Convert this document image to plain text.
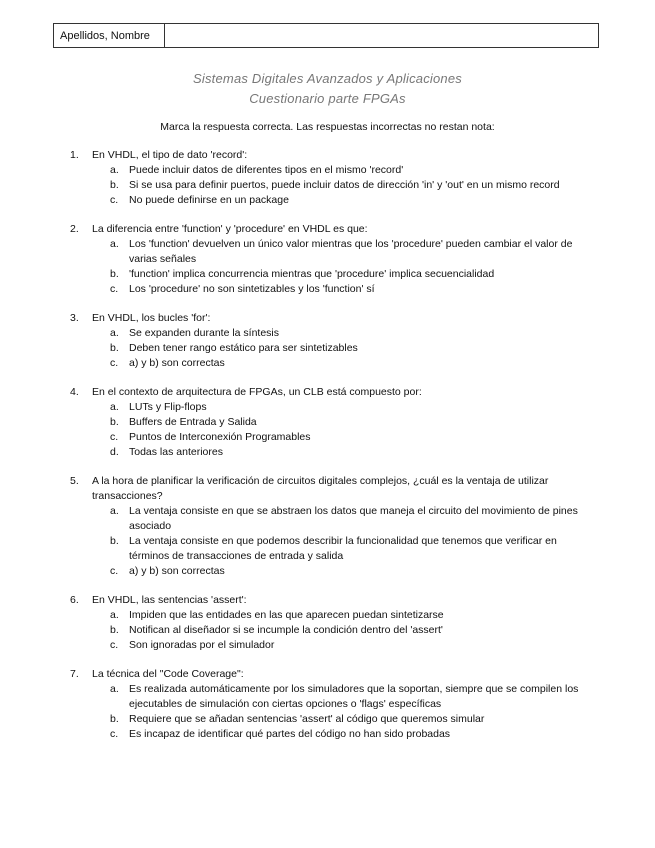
Apellidos, Nombre
Sistemas Digitales Avanzados y Aplicaciones
Cuestionario parte FPGAs
Marca la respuesta correcta. Las respuestas incorrectas no restan nota:
1.	En VHDL, el tipo de dato 'record':
a. Puede incluir datos de diferentes tipos en el mismo 'record'
b. Si se usa para definir puertos, puede incluir datos de dirección 'in' y 'out' en un mismo record
c.	No puede definirse en un package
2.	La diferencia entre 'function' y 'procedure' en VHDL es que:
a. Los 'function' devuelven un único valor mientras que los 'procedure' pueden cambiar el valor de varias señales
b. 'function' implica concurrencia mientras que 'procedure' implica secuencialidad
c.	Los 'procedure' no son sintetizables y los 'function' sí
3.	En VHDL, los bucles 'for':
a. Se expanden durante la síntesis
b. Deben tener rango estático para ser sintetizables
c.	a) y b) son correctas
4.	En el contexto de arquitectura de FPGAs, un CLB está compuesto por:
a. LUTs y Flip-flops
b. Buffers de Entrada y Salida
c.	Puntos de Interconexión Programables
d. Todas las anteriores
5.	A la hora de planificar la verificación de circuitos digitales complejos, ¿cuál es la ventaja de utilizar transacciones?
a. La ventaja consiste en que se abstraen los datos que maneja el circuito del movimiento de pines asociado
b. La ventaja consiste en que podemos describir la funcionalidad que tenemos que verificar en términos de transacciones de entrada y salida
c.	a) y b) son correctas
6.	En VHDL, las sentencias 'assert':
a. Impiden que las entidades en las que aparecen puedan sintetizarse
b. Notifican al diseñador si se incumple la condición dentro del 'assert'
c.	Son ignoradas por el simulador
7.	La técnica del "Code Coverage":
a. Es realizada automáticamente por los simuladores que la soportan, siempre que se compilen los ejecutables de simulación con ciertas opciones o 'flags' específicas
b. Requiere que se añadan sentencias 'assert' al código que queremos simular
c.	Es incapaz de identificar qué partes del código no han sido probadas
